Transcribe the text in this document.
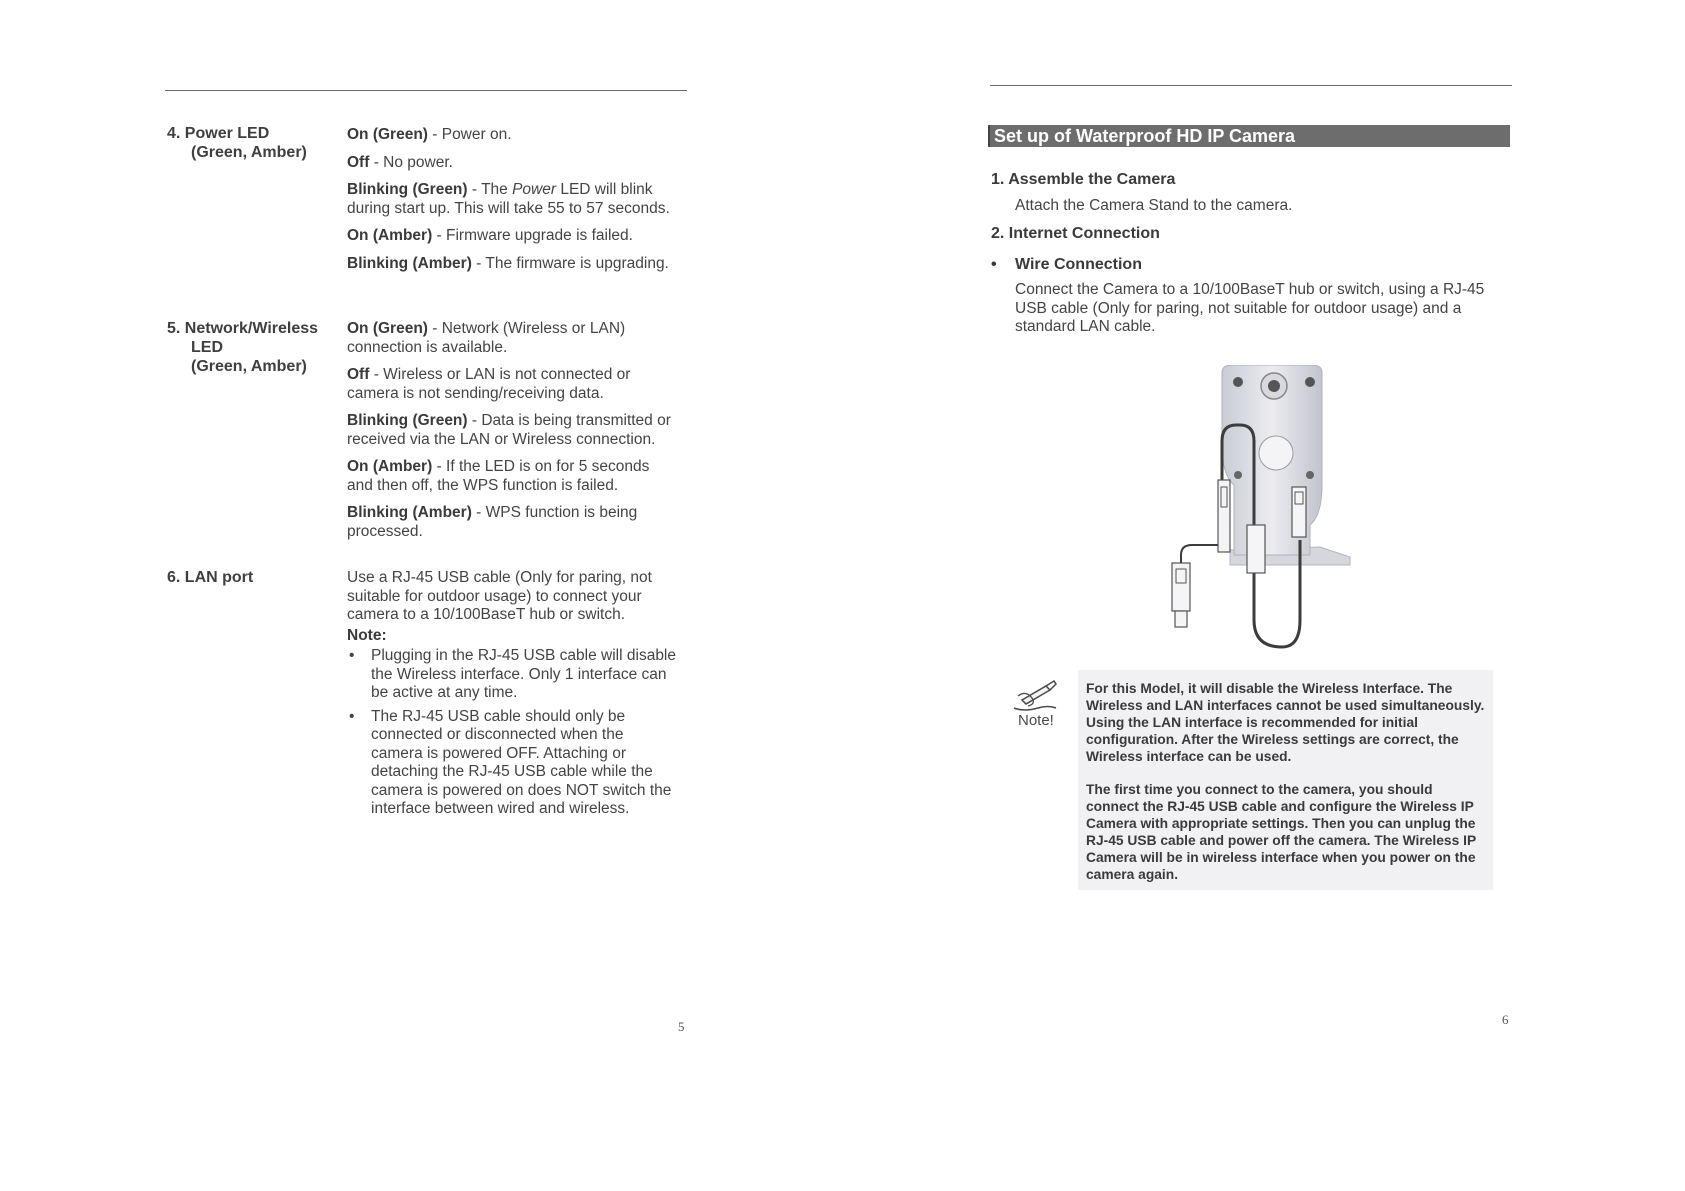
4. Power LED
(Green, Amber)

On (Green) - Power on.

Off - No power.

Blinking (Green) - The Power LED will blink during start up. This will take 55 to 57 seconds.

On (Amber) - Firmware upgrade is failed.

Blinking (Amber) - The firmware is upgrading.

5. Network/Wireless
LED
(Green, Amber)

On (Green) - Network (Wireless or LAN) connection is available.

Off - Wireless or LAN is not connected or camera is not sending/receiving data.

Blinking (Green) - Data is being transmitted or received via the LAN or Wireless connection.

On (Amber) - If the LED is on for 5 seconds and then off, the WPS function is failed.

Blinking (Amber) - WPS function is being processed.

6. LAN port	Use a RJ-45 USB cable (Only for paring, not suitable for outdoor usage) to connect your camera to a 10/100BaseT hub or switch.

Note:

• Plugging in the RJ-45 USB cable will disable the Wireless interface. Only 1 interface can be active at any time.
• The RJ-45 USB cable should only be connected or disconnected when the camera is powered OFF. Attaching or detaching the RJ-45 USB cable while the camera is powered on does NOT switch the interface between wired and wireless.
5
Set up of Waterproof HD IP Camera
1. Assemble the Camera
Attach the Camera Stand to the camera.
2. Internet Connection
• Wire Connection
Connect the Camera to a 10/100BaseT hub or switch, using a RJ-45 USB cable (Only for paring, not suitable for outdoor usage) and a standard LAN cable.
Note!

For this Model, it will disable the Wireless Interface. The Wireless and LAN interfaces cannot be used simultaneously. Using the LAN interface is recommended for initial configuration. After the Wireless settings are correct, the Wireless interface can be used.

The first time you connect to the camera, you should connect the RJ-45 USB cable and configure the Wireless IP Camera with appropriate settings. Then you can unplug the RJ-45 USB cable and power off the camera. The Wireless IP Camera will be in wireless interface when you power on the camera again.

6
